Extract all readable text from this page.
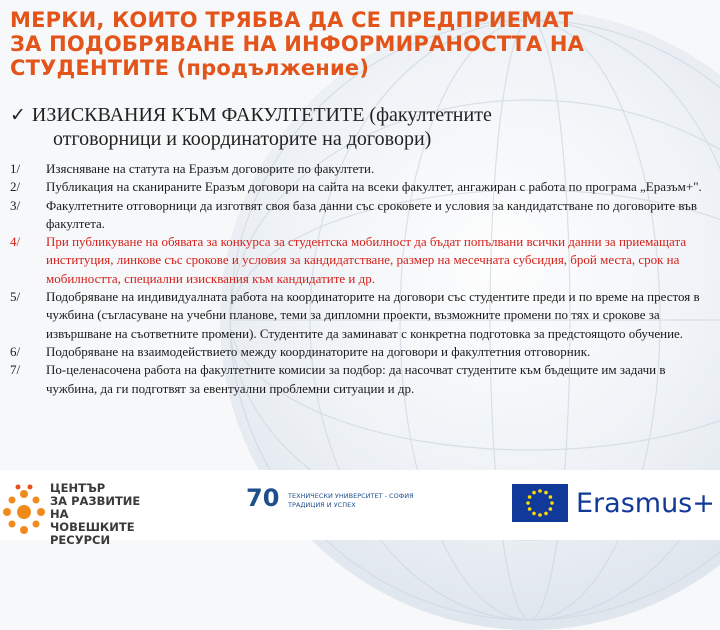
МЕРКИ, КОИТО ТРЯБВА ДА СЕ ПРЕДПРИЕМАТ
ЗА ПОДОБРЯВАНЕ НА ИНФОРМИРАНОСТТА НА
СТУДЕНТИТЕ (продължение)
✓ ИЗИСКВАНИЯ КЪМ ФАКУЛТЕТИТЕ (факултетните
отговорници и координаторите на договори)
1/	Изясняване на статута на Еразъм договорите по факултети.
2/	Публикация на сканираните Еразъм договори на сайта на всеки факултет, ангажиран с работа по програма „Еразъм+".
3/	Факултетните отговорници да изготвят своя база данни със сроковете и условия за кандидатстване по договорите във факултета.
4/	При публикуване на обявата за конкурса за студентска мобилност да бъдат попълвани всички данни за приемащата институция, линкове със срокове и условия за кандидатстване, размер на месечната субсидия, брой места, срок на мобилността, специални изисквания към кандидатите и др.
5/	Подобряване на индивидуалната работа на координаторите на договори със студентите преди и по време на престоя в чужбина (съгласуване на учебни планове, теми за дипломни проекти, възможните промени по тях и срокове за извършване на съответните промени). Студентите да заминават с конкретна подготовка за предстоящото обучение.
6/	Подобряване на взаимодействието между координаторите на договори и факултетния отговорник.
7/	По-целенасочена работа на факултетните комисии за подбор: да насочват студентите към бъдещите им задачи в чужбина, да ги подготвят за евентуални проблемни ситуации и др.
ЦЕНТЪР
ЗА РАЗВИТИЕ
НА ЧОВЕШКИТЕ
РЕСУРСИ
70 ТЕХНИЧЕСКИ УНИВЕРСИТЕТ - СОФИЯ
ТРАДИЦИЯ И УСПЕХ	Erasmus+
